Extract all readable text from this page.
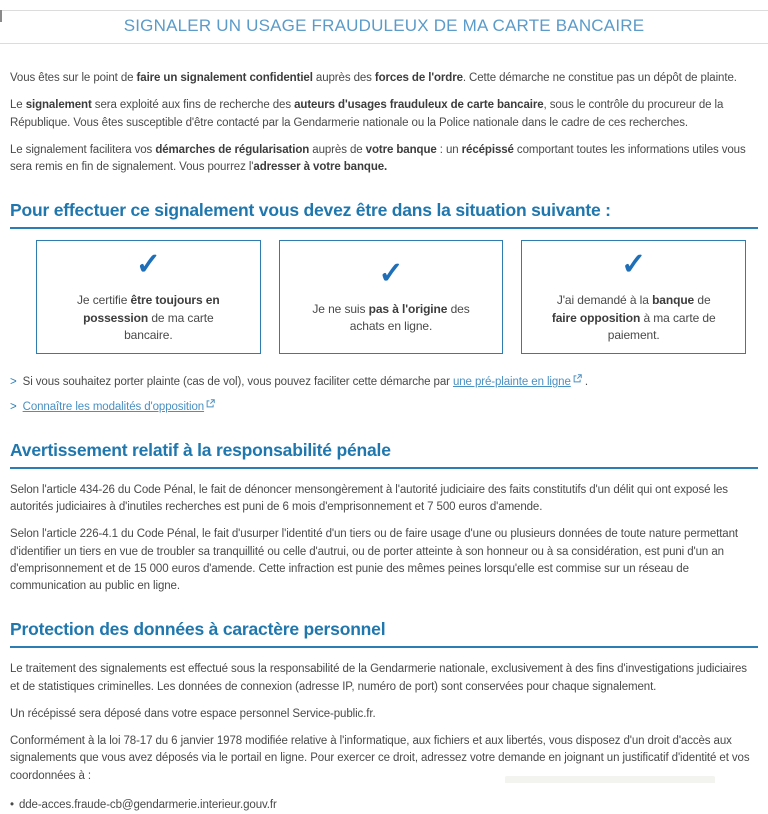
SIGNALER UN USAGE FRAUDULEUX DE MA CARTE BANCAIRE

Vous êtes sur le point de faire un signalement confidentiel auprès des forces de l'ordre. Cette démarche ne constitue pas un dépôt de plainte.

Le signalement sera exploité aux fins de recherche des auteurs d'usages frauduleux de carte bancaire, sous le contrôle du procureur de la République. Vous êtes susceptible d'être contacté par la Gendarmerie nationale ou la Police nationale dans le cadre de ces recherches.

Le signalement facilitera vos démarches de régularisation auprès de votre banque : un récépissé comportant toutes les informations utiles vous sera remis en fin de signalement. Vous pourrez l'adresser à votre banque.

Pour effectuer ce signalement vous devez être dans la situation suivante :
✓
Je certifie être toujours en possession de ma carte bancaire.
✓
Je ne suis pas à l'origine des achats en ligne.
✓
J'ai demandé à la banque de faire opposition à ma carte de paiement.
> Si vous souhaitez porter plainte (cas de vol), vous pouvez faciliter cette démarche par une pré-plainte en ligne
.
> Connaître les modalités d'opposition
Avertissement relatif à la responsabilité pénale

Selon l'article 434-26 du Code Pénal, le fait de dénoncer mensongèrement à l'autorité judiciaire des faits constitutifs d'un délit qui ont exposé les autorités judiciaires à d'inutiles recherches est puni de 6 mois d'emprisonnement et 7 500 euros d'amende.

Selon l'article 226-4.1 du Code Pénal, le fait d'usurper l'identité d'un tiers ou de faire usage d'une ou plusieurs données de toute nature permettant d'identifier un tiers en vue de troubler sa tranquillité ou celle d'autrui, ou de porter atteinte à son honneur ou à sa considération, est puni d'un an d'emprisonnement et de 15 000 euros d'amende. Cette infraction est punie des mêmes peines lorsqu'elle est commise sur un réseau de communication au public en ligne.

Protection des données à caractère personnel

Le traitement des signalements est effectué sous la responsabilité de la Gendarmerie nationale, exclusivement à des fins d'investigations judiciaires et de statistiques criminelles. Les données de connexion (adresse IP, numéro de port) sont conservées pour chaque signalement.

Un récépissé sera déposé dans votre espace personnel Service-public.fr.

Conformément à la loi 78-17 du 6 janvier 1978 modifiée relative à l'informatique, aux fichiers et aux libertés, vous disposez d'un droit d'accès aux signalements que vous avez déposés via le portail en ligne. Pour exercer ce droit, adressez votre demande en joignant un justificatif d'identité et vos coordonnées à :

• dde-acces.fraude-cb@gendarmerie.interieur.gouv.fr
